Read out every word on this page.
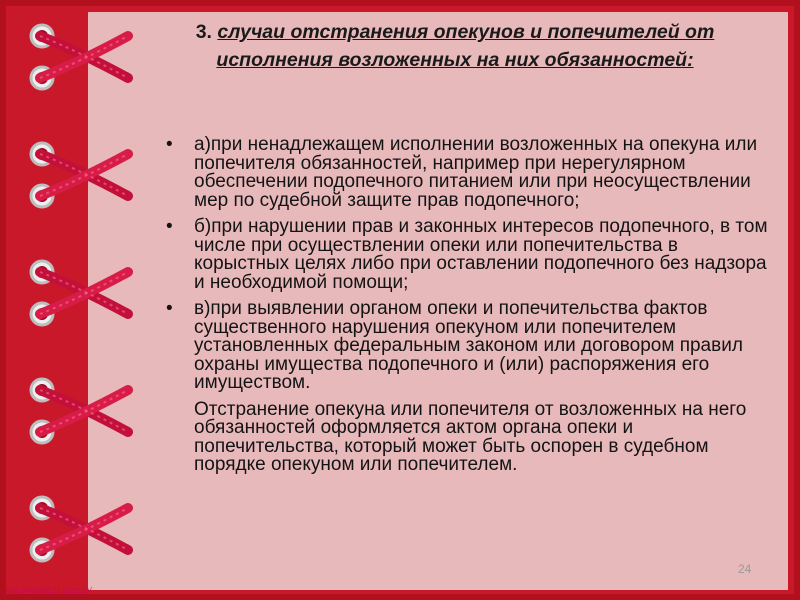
3. случаи отстранения опекунов и попечителей от исполнения возложенных на них обязанностей:
•	а)при ненадлежащем исполнении возложенных на опекуна или попечителя обязанностей, например при нерегулярном обеспечении подопечного питанием или при неосуществлении мер по судебной защите прав подопечного;
•	б)при нарушении прав и законных интересов подопечного, в том числе при осуществлении опеки или попечительства в корыстных целях либо при оставлении подопечного без надзора и необходимой помощи;
•	в)при выявлении органом опеки и попечительства фактов существенного нарушения опекуном или попечителем установленных федеральным законом или договором правил охраны имущества подопечного и (или) распоряжения его имуществом.
Отстранение опекуна или попечителя от возложенных на него обязанностей оформляется актом органа опеки и попечительства, который может быть оспорен в судебном порядке опекуном или попечителем.
24
http://linda6035.ucoz.ru/
